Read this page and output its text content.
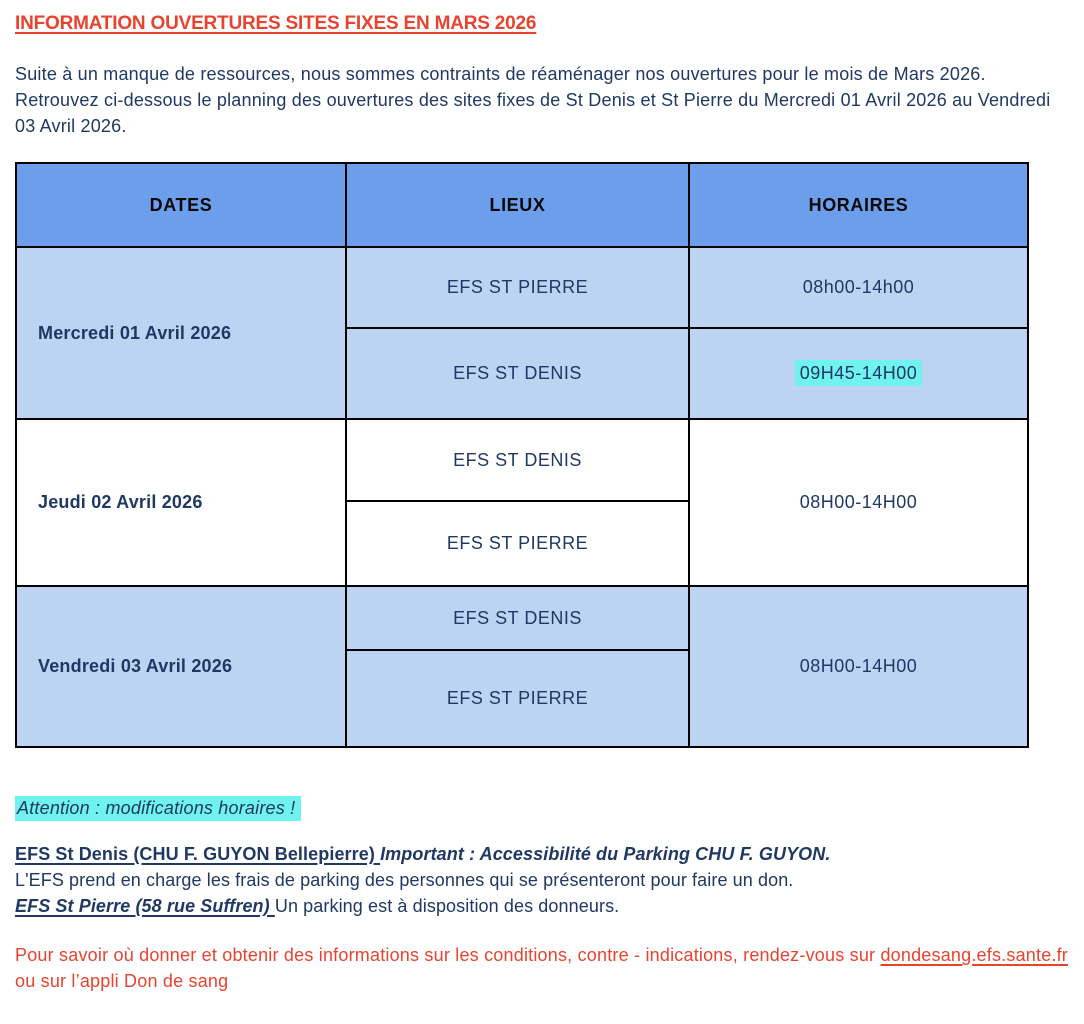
INFORMATION OUVERTURES SITES FIXES EN MARS 2026
Suite à un manque de ressources, nous sommes contraints de réaménager nos ouvertures pour le mois de Mars 2026.
Retrouvez ci-dessous le planning des ouvertures des sites fixes de St Denis et St Pierre du Mercredi 01 Avril 2026 au Vendredi 03 Avril 2026.
DATES	LIEUX	HORAIRES
Mercredi 01 Avril 2026	EFS ST PIERRE	08h00-14h00
	EFS ST DENIS	09H45-14H00
Jeudi 02 Avril 2026	EFS ST DENIS	08H00-14H00
	EFS ST PIERRE	
Vendredi 03 Avril 2026	EFS ST DENIS	08H00-14H00
	EFS ST PIERRE	
Attention : modifications horaires !
EFS St Denis (CHU F. GUYON Bellepierre) Important : Accessibilité du Parking CHU F. GUYON.
L'EFS prend en charge les frais de parking des personnes qui se présenteront pour faire un don.
EFS St Pierre (58 rue Suffren) Un parking est à disposition des donneurs.
Pour savoir où donner et obtenir des informations sur les conditions, contre - indications, rendez-vous sur dondesang.efs.sante.fr ou sur l’appli Don de sang
